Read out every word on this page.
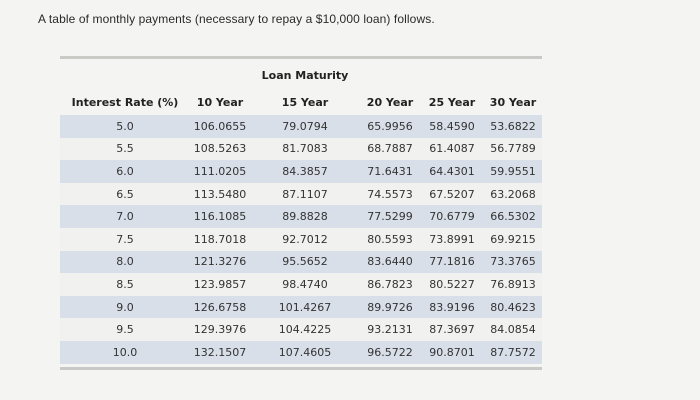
A table of monthly payments (necessary to repay a $10,000 loan) follows.
		Loan Maturity			
Interest Rate (%)	10 Year	15 Year	20 Year	25 Year	30 Year
5.0	106.0655	79.0794	65.9956	58.4590	53.6822
5.5	108.5263	81.7083	68.7887	61.4087	56.7789
6.0	111.0205	84.3857	71.6431	64.4301	59.9551
6.5	113.5480	87.1107	74.5573	67.5207	63.2068
7.0	116.1085	89.8828	77.5299	70.6779	66.5302
7.5	118.7018	92.7012	80.5593	73.8991	69.9215
8.0	121.3276	95.5652	83.6440	77.1816	73.3765
8.5	123.9857	98.4740	86.7823	80.5227	76.8913
9.0	126.6758	101.4267	89.9726	83.9196	80.4623
9.5	129.3976	104.4225	93.2131	87.3697	84.0854
10.0	132.1507	107.4605	96.5722	90.8701	87.7572
